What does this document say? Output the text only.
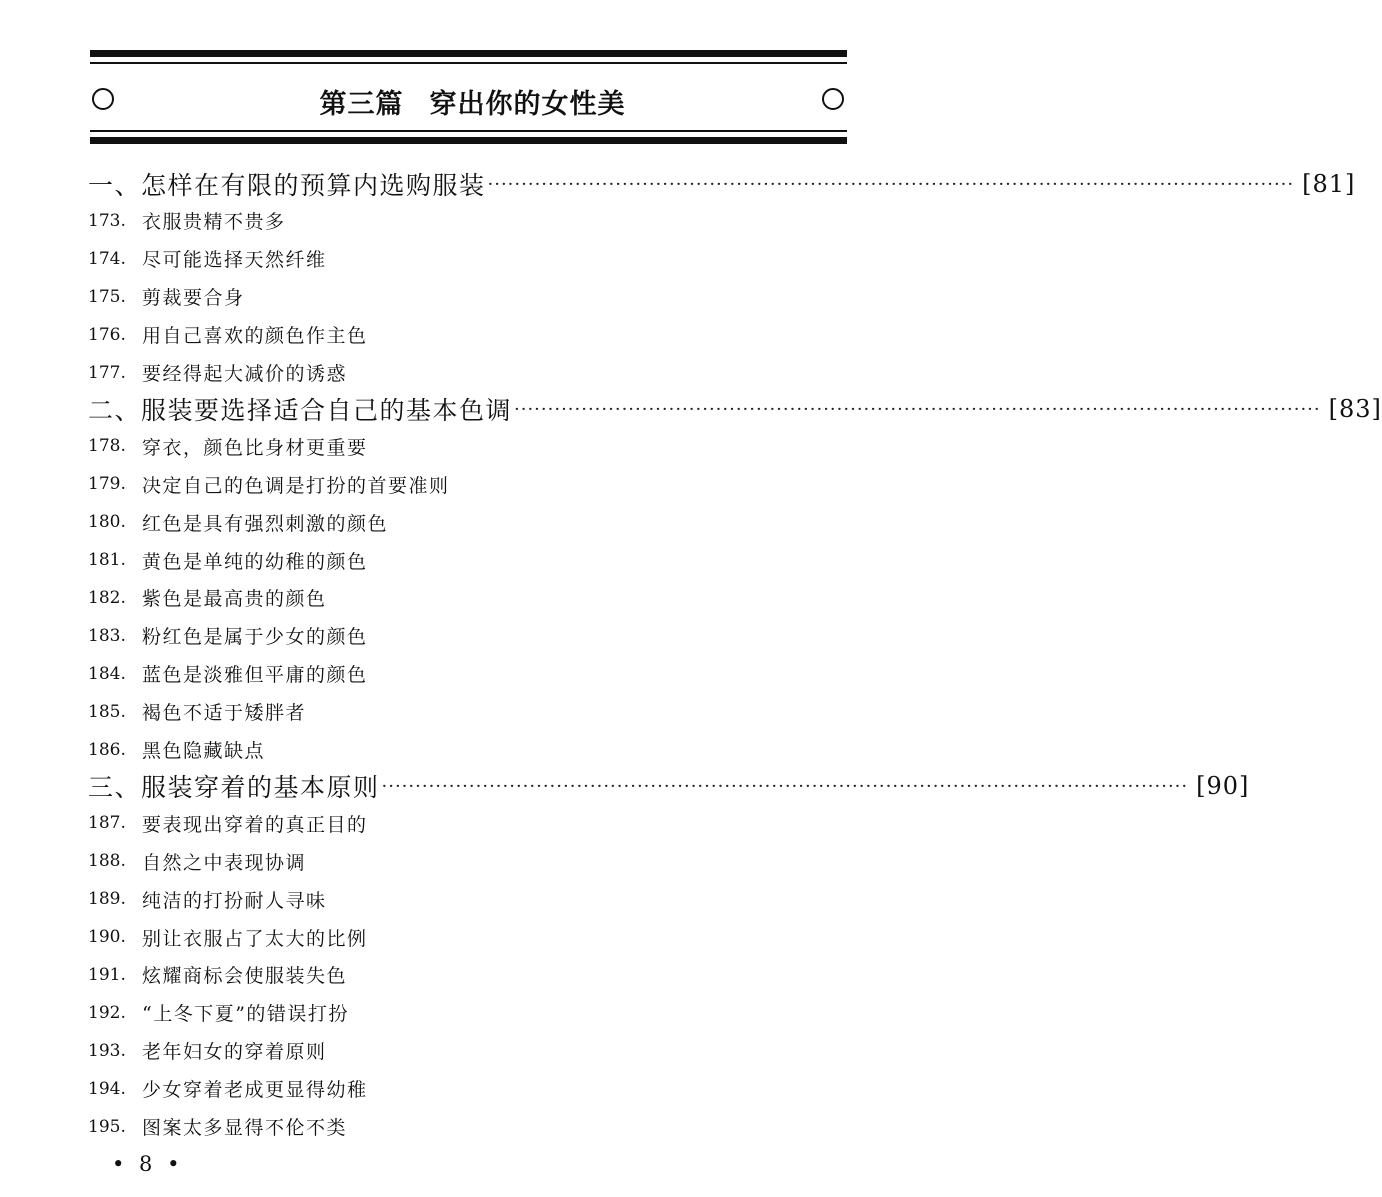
第三篇 穿出你的女性美
一、怎样在有限的预算内选购服装 ························································································································ [81]
173. 衣服贵精不贵多
174. 尽可能选择天然纤维
175. 剪裁要合身
176. 用自己喜欢的颜色作主色
177. 要经得起大减价的诱惑
二、服装要选择适合自己的基本色调 ························································································································ [83]
178. 穿衣，颜色比身材更重要
179. 决定自己的色调是打扮的首要准则
180. 红色是具有强烈刺激的颜色
181. 黄色是单纯的幼稚的颜色
182. 紫色是最高贵的颜色
183. 粉红色是属于少女的颜色
184. 蓝色是淡雅但平庸的颜色
185. 褐色不适于矮胖者
186. 黑色隐藏缺点
三、服装穿着的基本原则 ························································································································ [90]
187. 要表现出穿着的真正目的
188. 自然之中表现协调
189. 纯洁的打扮耐人寻味
190. 别让衣服占了太大的比例
191. 炫耀商标会使服装失色
192. “上冬下夏”的错误打扮
193. 老年妇女的穿着原则
194. 少女穿着老成更显得幼稚
195. 图案太多显得不伦不类
• 8 •
